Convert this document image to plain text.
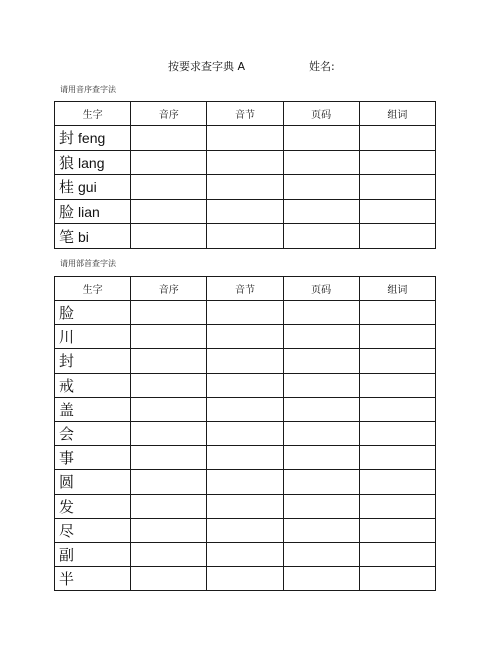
按要求查字典 A	姓名:
请用音序查字法
生字	音序	音节	页码	组词
封 feng				
狼 lang				
桂 gui				
脸 lian				
笔 bi				
请用部首查字法
生字	音序	音节	页码	组词
脸				
川				
封				
戒				
盖				
会				
事				
圆				
发				
尽				
副				
半				
